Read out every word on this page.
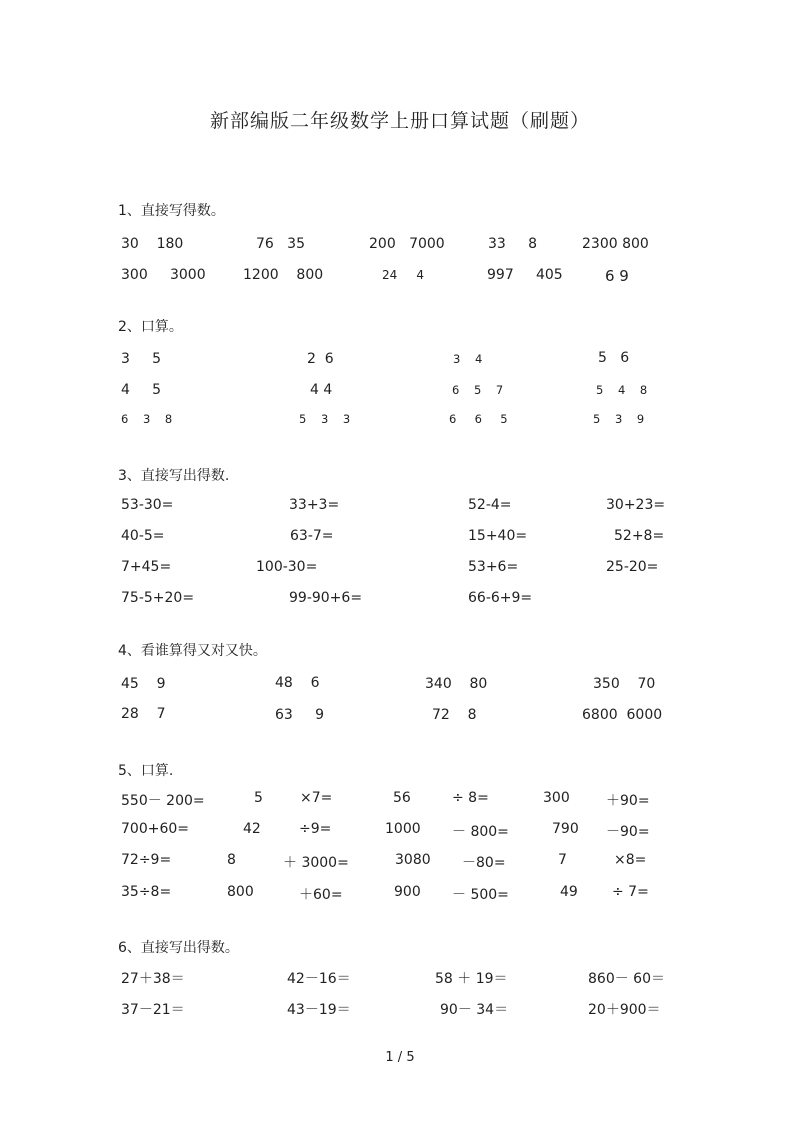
新部编版二年级数学上册口算试题（刷题）
1、直接写得数。
30    180	76   35	200   7000	33     8	2300 800
300     3000	1200    800	24     4	997     405	6 9
2、口算。
3     5	2  6	3    4	5   6
4     5	4 4	6    5    7	5    4    8
6    3    8	5    3    3	6     6     5	5    3    9
3、直接写出得数.
53-30=	33+3=	52-4=	30+23=
40-5=	63-7=	15+40=	52+8=
7+45=	100-30=	53+6=	25-20=
75-5+20=	99-90+6=	66-6+9=
4、看谁算得又对又快。
45    9	48    6	340    80	350    70
28    7	63     9	72    8	6800  6000
5、口算.
550－ 200=	5	×7=	56	÷ 8=	300	＋90=
700+60=	42	÷9=	1000 － 800=	790 －90=
72÷9=	8	＋ 3000=	3080 －80=	7	×8=
35÷8=	800	＋60=	900 － 500=	49 ÷ 7=
6、直接写出得数。
27＋38＝	42－16＝	58 ＋ 19＝	860－ 60＝
37－21＝	43－19＝	90－ 34＝	20＋900＝
1 / 5
